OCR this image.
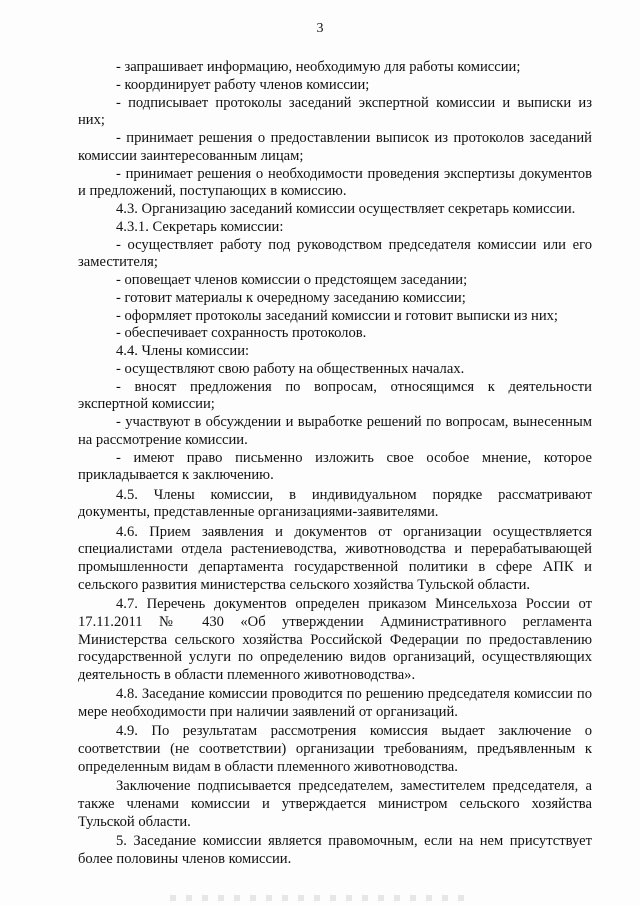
3

- запрашивает информацию, необходимую для работы комиссии;

- координирует работу членов комиссии;

- подписывает протоколы заседаний экспертной комиссии и выписки из них;

- принимает решения о предоставлении выписок из протоколов заседаний комиссии заинтересованным лицам;

- принимает решения о необходимости проведения экспертизы документов и предложений, поступающих в комиссию.

4.3. Организацию заседаний комиссии осуществляет секретарь комиссии.

4.3.1. Секретарь комиссии:

- осуществляет работу под руководством председателя комиссии или его заместителя;

- оповещает членов комиссии о предстоящем заседании;

- готовит материалы к очередному заседанию комиссии;

- оформляет протоколы заседаний комиссии и готовит выписки из них;

- обеспечивает сохранность протоколов.

4.4. Члены комиссии:

- осуществляют свою работу на общественных началах.

- вносят предложения по вопросам, относящимся к деятельности экспертной комиссии;

- участвуют в обсуждении и выработке решений по вопросам, вынесенным на рассмотрение комиссии.

- имеют право письменно изложить свое особое мнение, которое прикладывается к заключению.

4.5. Члены комиссии, в индивидуальном порядке рассматривают документы, представленные организациями-заявителями.

4.6. Прием заявления и документов от организации осуществляется специалистами отдела растениеводства, животноводства и перерабатывающей промышленности департамента государственной политики в сфере АПК и сельского развития министерства сельского хозяйства Тульской области.

4.7. Перечень документов определен приказом Минсельхоза России от 17.11.2011 № 430 «Об утверждении Административного регламента Министерства сельского хозяйства Российской Федерации по предоставлению государственной услуги по определению видов организаций, осуществляющих деятельность в области племенного животноводства».

4.8. Заседание комиссии проводится по решению председателя комиссии по мере необходимости при наличии заявлений от организаций.

4.9. По результатам рассмотрения комиссия выдает заключение о соответствии (не соответствии) организации требованиям, предъявленным к определенным видам в области племенного животноводства.

Заключение подписывается председателем, заместителем председателя, а также членами комиссии и утверждается министром сельского хозяйства Тульской области.

5. Заседание комиссии является правомочным, если на нем присутствует более половины членов комиссии.
